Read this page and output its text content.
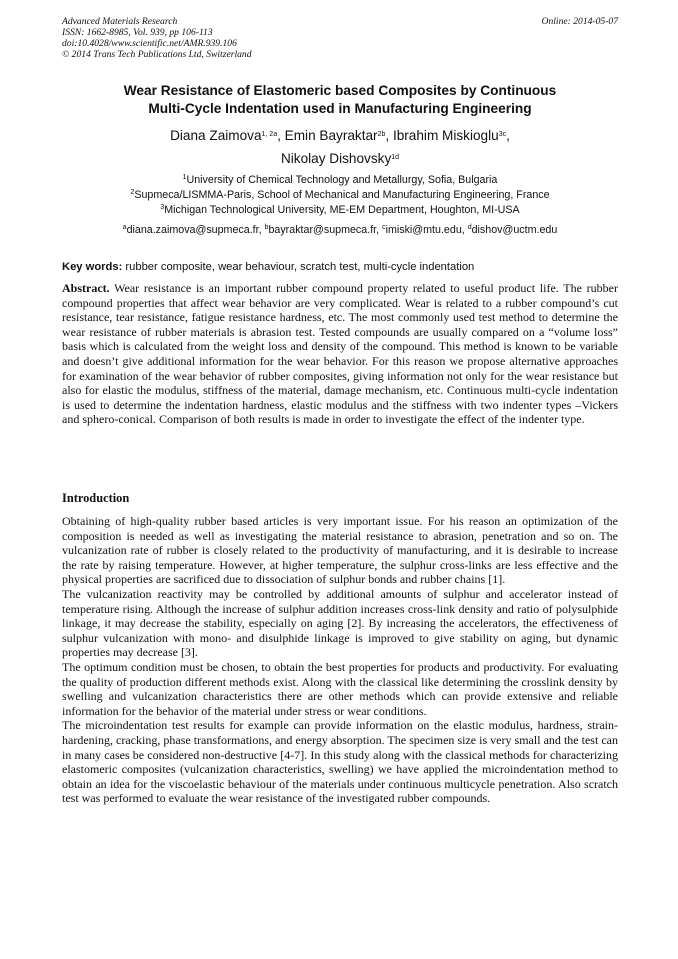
Advanced Materials Research
ISSN: 1662-8985, Vol. 939, pp 106-113
doi:10.4028/www.scientific.net/AMR.939.106
© 2014 Trans Tech Publications Ltd, Switzerland
Online: 2014-05-07
Wear Resistance of Elastomeric based Composites by Continuous
Multi-Cycle Indentation used in Manufacturing Engineering
Diana Zaimova$^{1, 2a}$, Emin Bayraktar$^{2b}$, Ibrahim Miskioglu$^{3c}$,
Nikolay Dishovsky$^{1d}$
$^1$University of Chemical Technology and Metallurgy, Sofia, Bulgaria
$^2$Supmeca/LISMMA-Paris, School of Mechanical and Manufacturing Engineering, France
$^3$Michigan Technological University, ME-EM Department, Houghton, MI-USA
$^a$diana.zaimova@supmeca.fr, $^b$bayraktar@supmeca.fr, $^c$imiski@mtu.edu, $^d$dishov@uctm.edu
Key words: rubber composite, wear behaviour, scratch test, multi-cycle indentation
Abstract. Wear resistance is an important rubber compound property related to useful product life. The rubber compound properties that affect wear behavior are very complicated. Wear is related to a rubber compound’s cut resistance, tear resistance, fatigue resistance hardness, etc. The most commonly used test method to determine the wear resistance of rubber materials is abrasion test. Tested compounds are usually compared on a “volume loss” basis which is calculated from the weight loss and density of the compound. This method is known to be variable and doesn’t give additional information for the wear behavior. For this reason we propose alternative approaches for examination of the wear behavior of rubber composites, giving information not only for the wear resistance but also for elastic the modulus, stiffness of the material, damage mechanism, etc. Continuous multi-cycle indentation is used to determine the indentation hardness, elastic modulus and the stiffness with two indenter types –Vickers and sphero-conical. Comparison of both results is made in order to investigate the effect of the indenter type.
Introduction

Obtaining of high-quality rubber based articles is very important issue. For his reason an optimization of the composition is needed as well as investigating the material resistance to abrasion, penetration and so on. The vulcanization rate of rubber is closely related to the productivity of manufacturing, and it is desirable to increase the rate by raising temperature. However, at higher temperature, the sulphur cross-links are less effective and the physical properties are sacrificed due to dissociation of sulphur bonds and rubber chains [1].

The vulcanization reactivity may be controlled by additional amounts of sulphur and accelerator instead of temperature rising. Although the increase of sulphur addition increases cross-link density and ratio of polysulphide linkage, it may decrease the stability, especially on aging [2]. By increasing the accelerators, the effectiveness of sulphur vulcanization with mono- and disulphide linkage is improved to give stability on aging, but dynamic properties may decrease [3].

The optimum condition must be chosen, to obtain the best properties for products and productivity. For evaluating the quality of production different methods exist. Along with the classical like determining the crosslink density by swelling and vulcanization characteristics there are other methods which can provide extensive and reliable information for the behavior of the material under stress or wear conditions.

The microindentation test results for example can provide information on the elastic modulus, hardness, strain-hardening, cracking, phase transformations, and energy absorption. The specimen size is very small and the test can in many cases be considered non-destructive [4-7]. In this study along with the classical methods for characterizing elastomeric composites (vulcanization characteristics, swelling) we have applied the microindentation method to obtain an idea for the viscoelastic behaviour of the materials under continuous multicycle penetration. Also scratch test was performed to evaluate the wear resistance of the investigated rubber compounds.
